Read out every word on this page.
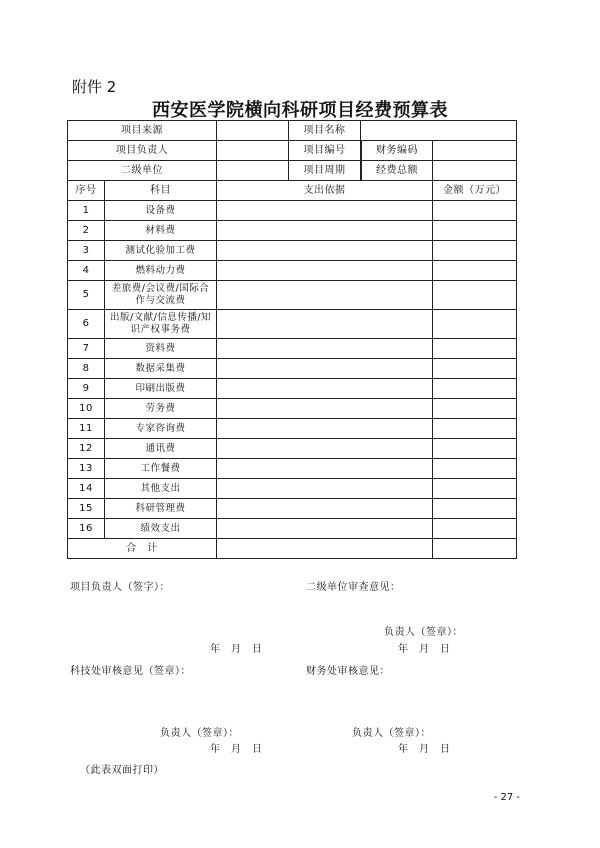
附件 2
西安医学院横向科研项目经费预算表
项目来源			项目名称		
项目负责人			项目编号	财务编码	

二级单位			项目周期	经费总额	

序号	科目	支出依据			金额（万元）
1	设备费				
2	材料费				
3	测试化验加工费				
4	燃料动力费				
5	差旅费/会议费/国际合作与交流费				
6	出版/文献/信息传播/知识产权事务费				
7	资料费				
8	数据采集费				
9	印刷出版费				
10	劳务费				
11	专家咨询费				
12	通讯费				
13	工作餐费				
14	其他支出				
15	科研管理费				
16	绩效支出				
合　计					
项目负责人（签字）：	二级单位审查意见：
负责人（签章）：
年　月　日	年　月　日
科技处审核意见（签章）：	财务处审核意见：
负责人（签章）：	负责人（签章）：
年　月　日	年　月　日
（此表双面打印）
- 27 -
